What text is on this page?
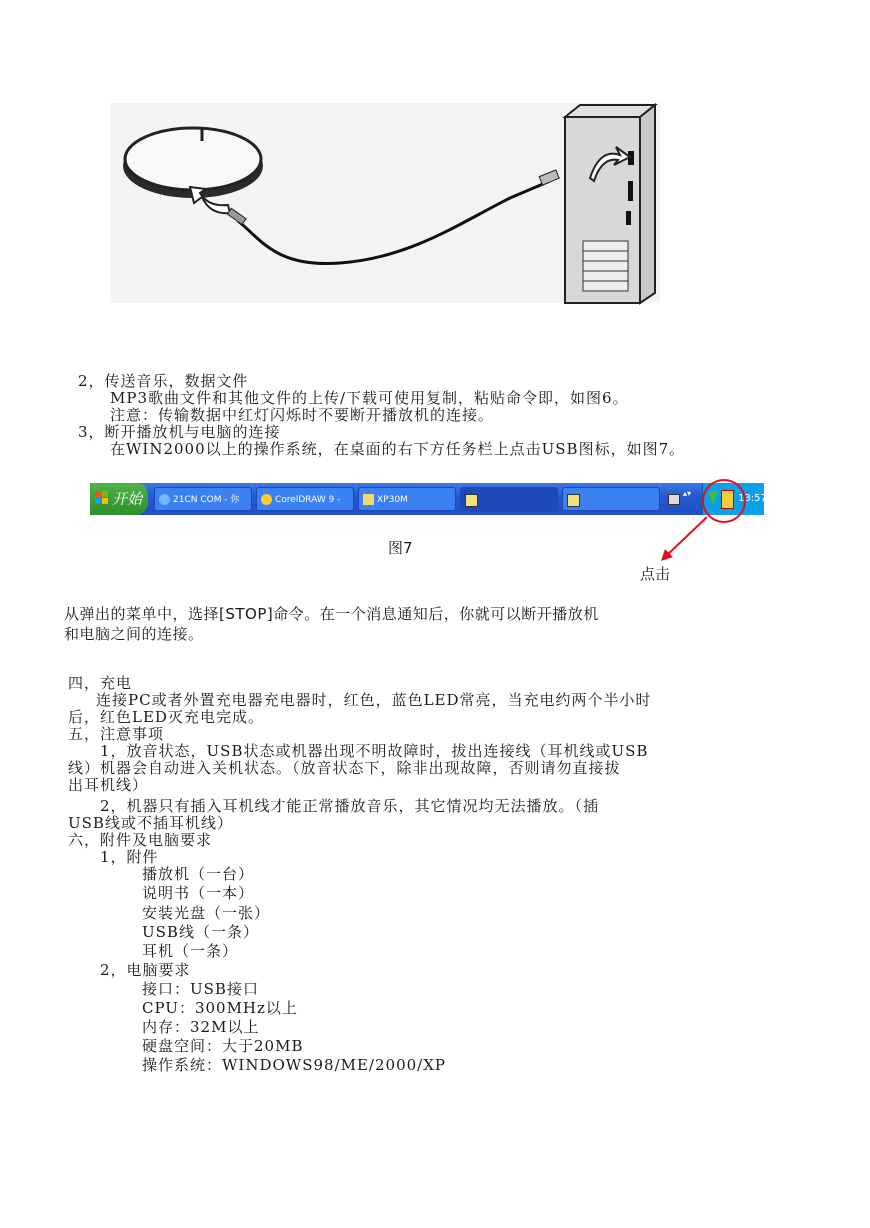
2，传送音乐，数据文件
MP3歌曲文件和其他文件的上传/下载可使用复制，粘贴命令即，如图6。
注意：传输数据中红灯闪烁时不要断开播放机的连接。
3，断开播放机与电脑的连接
在WIN2000以上的操作系统，在桌面的右下方任务栏上点击USB图标，如图7。
开始	21CN COM - 你青...
CorelDRAW 9 - [...
XP30M
▴▾	13:57
图7
点击
从弹出的菜单中，选择[STOP]命令。在一个消息通知后，你就可以断开播放机
和电脑之间的连接。
四，充电
连接PC或者外置充电器充电器时，红色，蓝色LED常亮，当充电约两个半小时
后，红色LED灭充电完成。
五，注意事项
1，放音状态，USB状态或机器出现不明故障时，拔出连接线（耳机线或USB
线）机器会自动进入关机状态。（放音状态下，除非出现故障，否则请勿直接拔
出耳机线）
2，机器只有插入耳机线才能正常播放音乐，其它情况均无法播放。（插
USB线或不插耳机线）
六，附件及电脑要求
1，附件
播放机（一台）
说明书（一本）
安装光盘（一张）
USB线（一条）
耳机（一条）
2，电脑要求
接口：USB接口
CPU：300MHz以上
内存：32M以上
硬盘空间：大于20MB
操作系统：WINDOWS98/ME/2000/XP
